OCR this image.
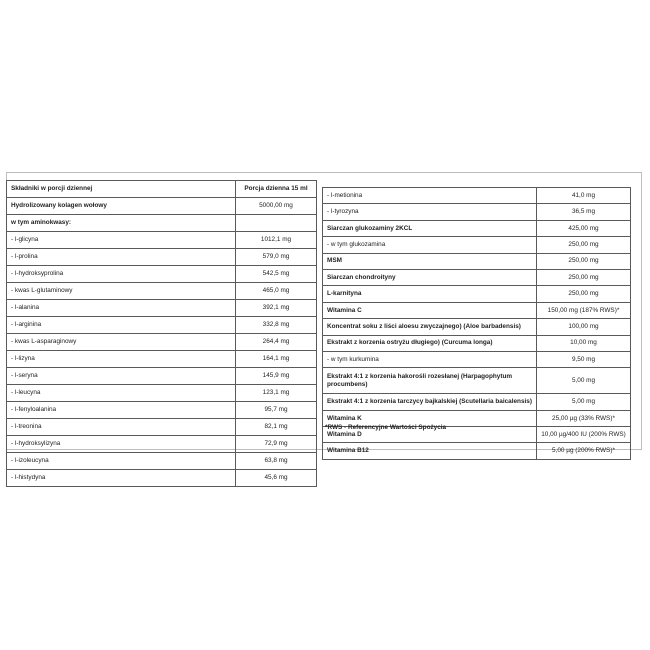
Składniki w porcji dziennej	Porcja dzienna 15 ml
Hydrolizowany kolagen wołowy	5000,00 mg
w tym aminokwasy:	
- l-glicyna	1012,1 mg
- l-prolina	579,0 mg
- l-hydroksyprolina	542,5 mg
- kwas L-glutaminowy	465,0 mg
- l-alanina	392,1 mg
- l-arginina	332,8 mg
- kwas L-asparaginowy	264,4 mg
- l-lizyna	164,1 mg
- l-seryna	145,9 mg
- l-leucyna	123,1 mg
- l-fenyloalanina	95,7 mg
- l-treonina	82,1 mg
- l-hydroksylizyna	72,9 mg
- l-izoleucyna	63,8 mg
- l-histydyna	45,6 mg
- l-metionina	41,0 mg
- l-tyrozyna	36,5 mg
Siarczan glukozaminy 2KCL	425,00 mg
- w tym glukozamina	250,00 mg
MSM	250,00 mg
Siarczan chondroityny	250,00 mg
L-karnityna	250,00 mg
Witamina C	150,00 mg (187% RWS)*
Koncentrat soku z liści aloesu zwyczajnego) (Aloe barbadensis)	100,00 mg
Ekstrakt z korzenia ostryżu długiego) (Curcuma longa)	10,00 mg
- w tym kurkumina	9,50 mg
Ekstrakt 4:1 z korzenia hakorośli rozesłanej (Harpagophytum procumbens)	5,00 mg
Ekstrakt 4:1 z korzenia tarczycy bajkalskiej (Scutellaria baicalensis)	5,00 mg
Witamina K	25,00 µg (33% RWS)*
Witamina D	10,00 µg/400 IU (200% RWS)
Witamina B12	5,00 µg (200% RWS)*
*RWS - Referencyjne Wartości Spożycia
